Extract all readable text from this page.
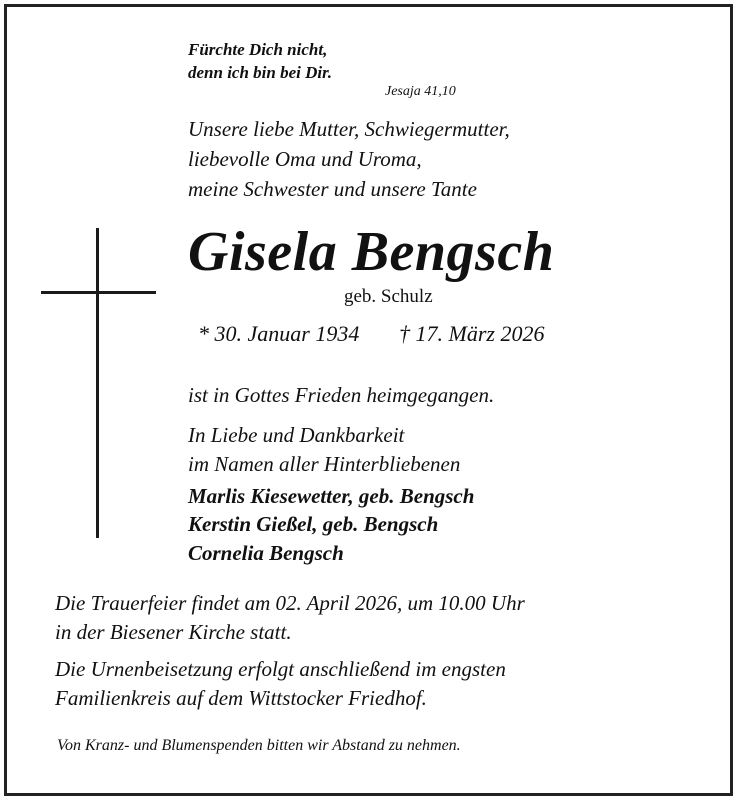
Fürchte Dich nicht,
denn ich bin bei Dir.
Jesaja 41,10
Unsere liebe Mutter, Schwiegermutter,
liebevolle Oma und Uroma,
meine Schwester und unsere Tante
Gisela Bengsch
geb. Schulz
* 30. Januar 1934 † 17. März 2026
ist in Gottes Frieden heimgegangen.
In Liebe und Dankbarkeit
im Namen aller Hinterbliebenen
Marlis Kiesewetter, geb. Bengsch
Kerstin Gießel, geb. Bengsch
Cornelia Bengsch
Die Trauerfeier findet am 02. April 2026, um 10.00 Uhr
in der Biesener Kirche statt.
Die Urnenbeisetzung erfolgt anschließend im engsten
Familienkreis auf dem Wittstocker Friedhof.
Von Kranz- und Blumenspenden bitten wir Abstand zu nehmen.
